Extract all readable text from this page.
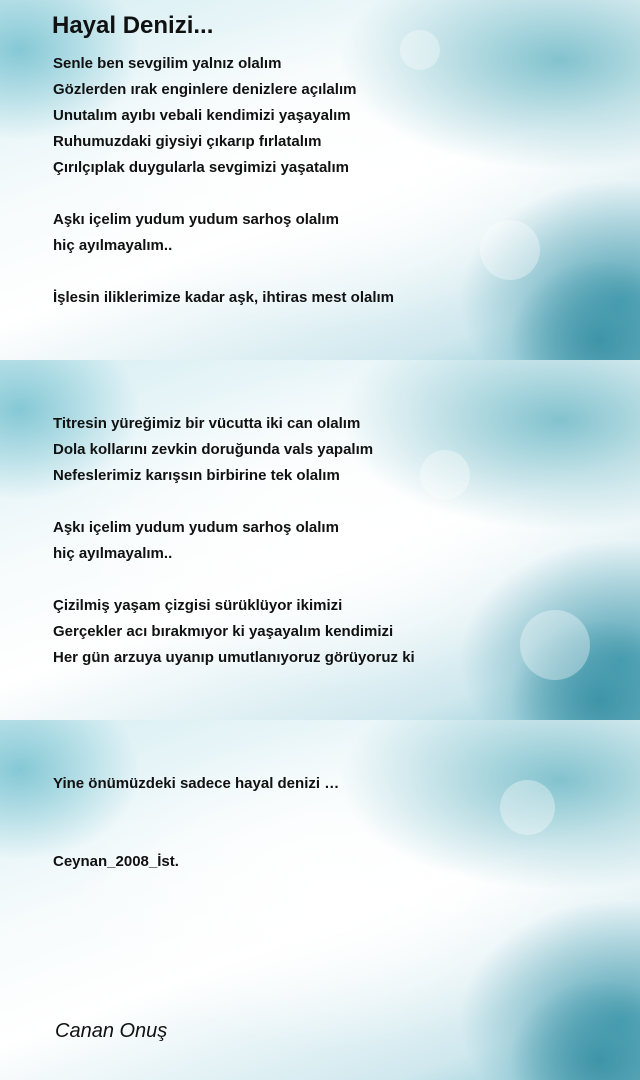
Hayal Denizi...
Senle ben sevgilim yalnız olalım
Gözlerden ırak enginlere denizlere açılalım
Unutalım ayıbı vebali kendimizi yaşayalım
Ruhumuzdaki giysiyi çıkarıp fırlatalım
Çırılçıplak duygularla sevgimizi yaşatalım
Aşkı içelim yudum yudum sarhoş olalım
hiç ayılmayalım..
İşlesin iliklerimize kadar aşk, ihtiras mest olalım
Titresin yüreğimiz bir vücutta iki can olalım
Dola kollarını zevkin doruğunda vals yapalım
Nefeslerimiz karışsın birbirine tek olalım
Aşkı içelim yudum yudum sarhoş olalım
hiç ayılmayalım..
Çizilmiş yaşam çizgisi sürüklüyor ikimizi
Gerçekler acı bırakmıyor ki yaşayalım kendimizi
Her gün arzuya uyanıp umutlanıyoruz görüyoruz ki
Yine önümüzdeki sadece hayal denizi …
Ceynan_2008_İst.
Canan Onuş
